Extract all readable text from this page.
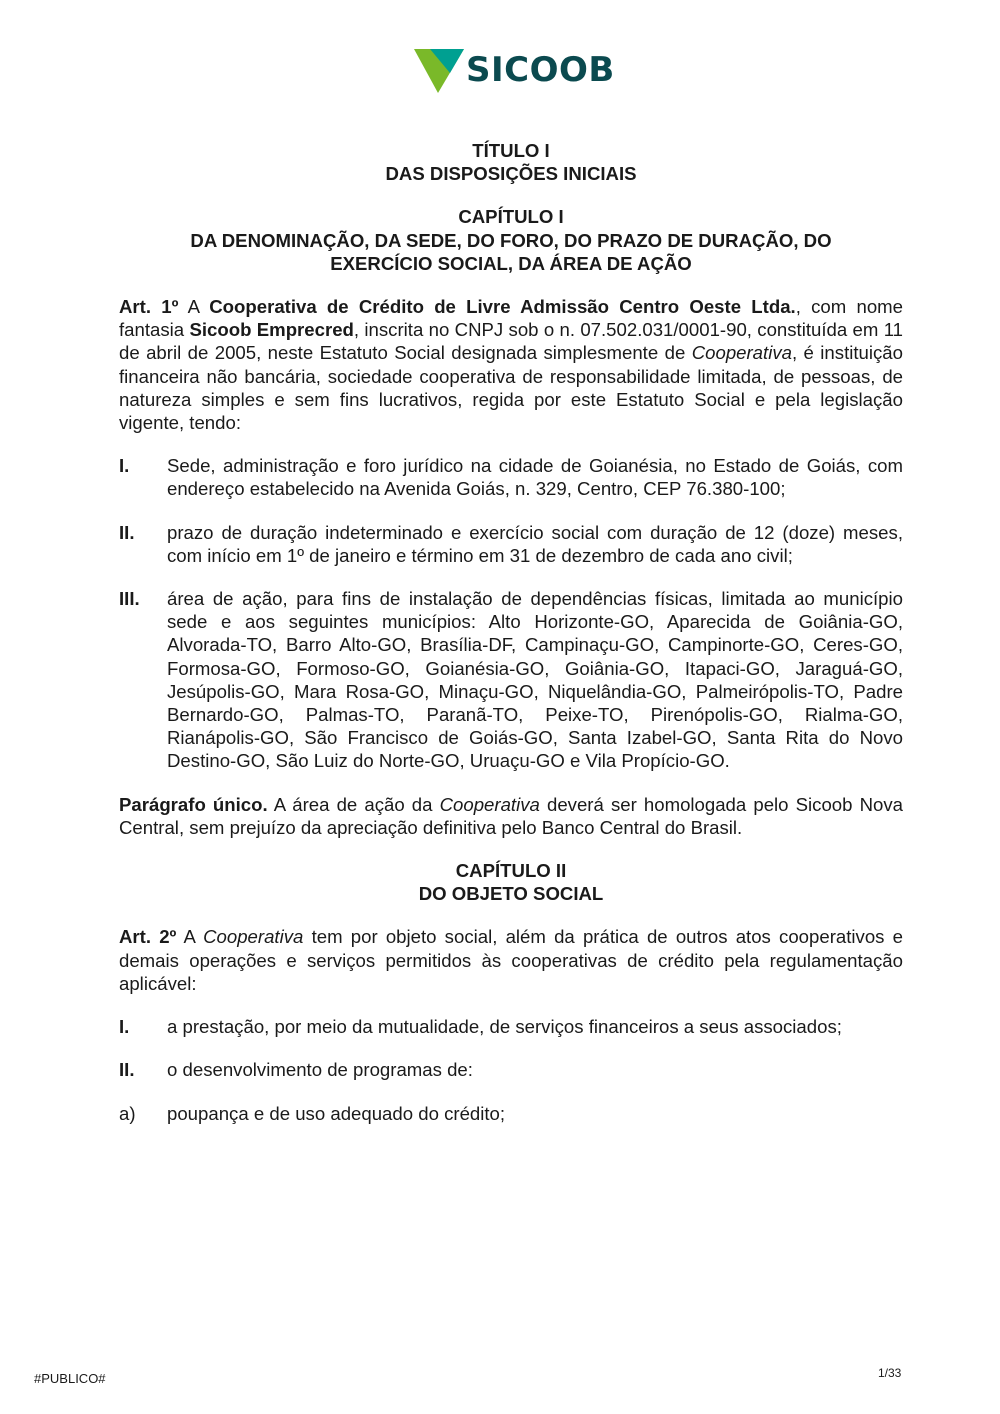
SICOOB
TÍTULO I
DAS DISPOSIÇÕES INICIAIS
CAPÍTULO I
DA DENOMINAÇÃO, DA SEDE, DO FORO, DO PRAZO DE DURAÇÃO, DO
EXERCÍCIO SOCIAL, DA ÁREA DE AÇÃO

Art. 1º A Cooperativa de Crédito de Livre Admissão Centro Oeste Ltda., com nome fantasia Sicoob Emprecred, inscrita no CNPJ sob o n. 07.502.031/0001-90, constituída em 11 de abril de 2005, neste Estatuto Social designada simplesmente de Cooperativa, é instituição financeira não bancária, sociedade cooperativa de responsabilidade limitada, de pessoas, de natureza simples e sem fins lucrativos, regida por este Estatuto Social e pela legislação vigente, tendo:

I.	Sede, administração e foro jurídico na cidade de Goianésia, no Estado de Goiás, com endereço estabelecido na Avenida Goiás, n. 329, Centro, CEP 76.380-100;
II.	prazo de duração indeterminado e exercício social com duração de 12 (doze) meses, com início em 1º de janeiro e término em 31 de dezembro de cada ano civil;
III.	área de ação, para fins de instalação de dependências físicas, limitada ao município sede e aos seguintes municípios: Alto Horizonte-GO, Aparecida de Goiânia-GO, Alvorada-TO, Barro Alto-GO, Brasília-DF, Campinaçu-GO, Campinorte-GO, Ceres-GO, Formosa-GO, Formoso-GO, Goianésia-GO, Goiânia-GO, Itapaci-GO, Jaraguá-GO, Jesúpolis-GO, Mara Rosa-GO, Minaçu-GO, Niquelândia-GO, Palmeirópolis-TO, Padre Bernardo-GO, Palmas-TO, Paranã-TO, Peixe-TO, Pirenópolis-GO, Rialma-GO, Rianápolis-GO, São Francisco de Goiás-GO, Santa Izabel-GO, Santa Rita do Novo Destino-GO, São Luiz do Norte-GO, Uruaçu-GO e Vila Propício-GO.

Parágrafo único. A área de ação da Cooperativa deverá ser homologada pelo Sicoob Nova Central, sem prejuízo da apreciação definitiva pelo Banco Central do Brasil.

CAPÍTULO II
DO OBJETO SOCIAL

Art. 2º A Cooperativa tem por objeto social, além da prática de outros atos cooperativos e demais operações e serviços permitidos às cooperativas de crédito pela regulamentação aplicável:

I.	a prestação, por meio da mutualidade, de serviços financeiros a seus associados;
II.	o desenvolvimento de programas de:
a)	poupança e de uso adequado do crédito;
#PUBLICO#	1/33
